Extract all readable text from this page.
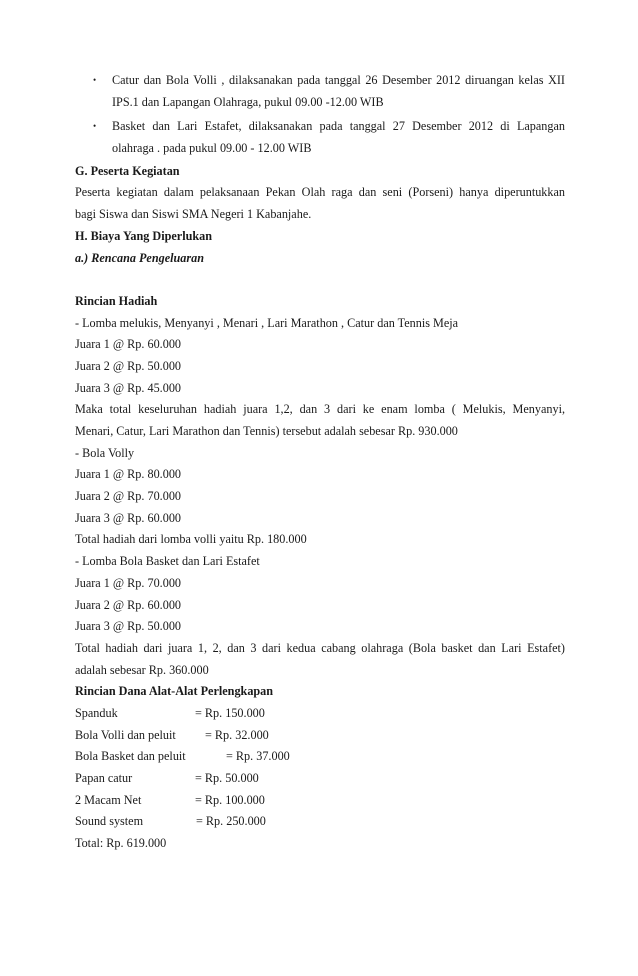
• Catur dan Bola Volli , dilaksanakan pada tanggal 26 Desember 2012 diruangan kelas XII
IPS.1 dan Lapangan Olahraga, pukul 09.00 -12.00 WIB
• Basket dan Lari Estafet, dilaksanakan pada tanggal 27 Desember 2012 di Lapangan
olahraga . pada pukul 09.00 - 12.00 WIB
G. Peserta Kegiatan
Peserta kegiatan dalam pelaksanaan Pekan Olah raga dan seni (Porseni) hanya diperuntukkan
bagi Siswa dan Siswi SMA Negeri 1 Kabanjahe.
H. Biaya Yang Diperlukan
a.) Rencana Pengeluaran
Rincian Hadiah
- Lomba melukis, Menyanyi , Menari , Lari Marathon , Catur dan Tennis Meja
Juara 1 @ Rp. 60.000
Juara 2 @ Rp. 50.000
Juara 3 @ Rp. 45.000
Maka total keseluruhan hadiah juara 1,2, dan 3 dari ke enam lomba ( Melukis, Menyanyi,
Menari, Catur, Lari Marathon dan Tennis) tersebut adalah sebesar Rp. 930.000
- Bola Volly
Juara 1 @ Rp. 80.000
Juara 2 @ Rp. 70.000
Juara 3 @ Rp. 60.000
Total hadiah dari lomba volli yaitu Rp. 180.000
- Lomba Bola Basket dan Lari Estafet
Juara 1 @ Rp. 70.000
Juara 2 @ Rp. 60.000
Juara 3 @ Rp. 50.000
Total hadiah dari juara 1, 2, dan 3 dari kedua cabang olahraga (Bola basket dan Lari Estafet)
adalah sebesar Rp. 360.000
Rincian Dana Alat-Alat Perlengkapan
Spanduk	= Rp. 150.000
Bola Volli dan peluit = Rp. 32.000
Bola Basket dan peluit	= Rp. 37.000
Papan catur	= Rp. 50.000
2 Macam Net	= Rp. 100.000
Sound system	= Rp. 250.000
Total: Rp. 619.000
